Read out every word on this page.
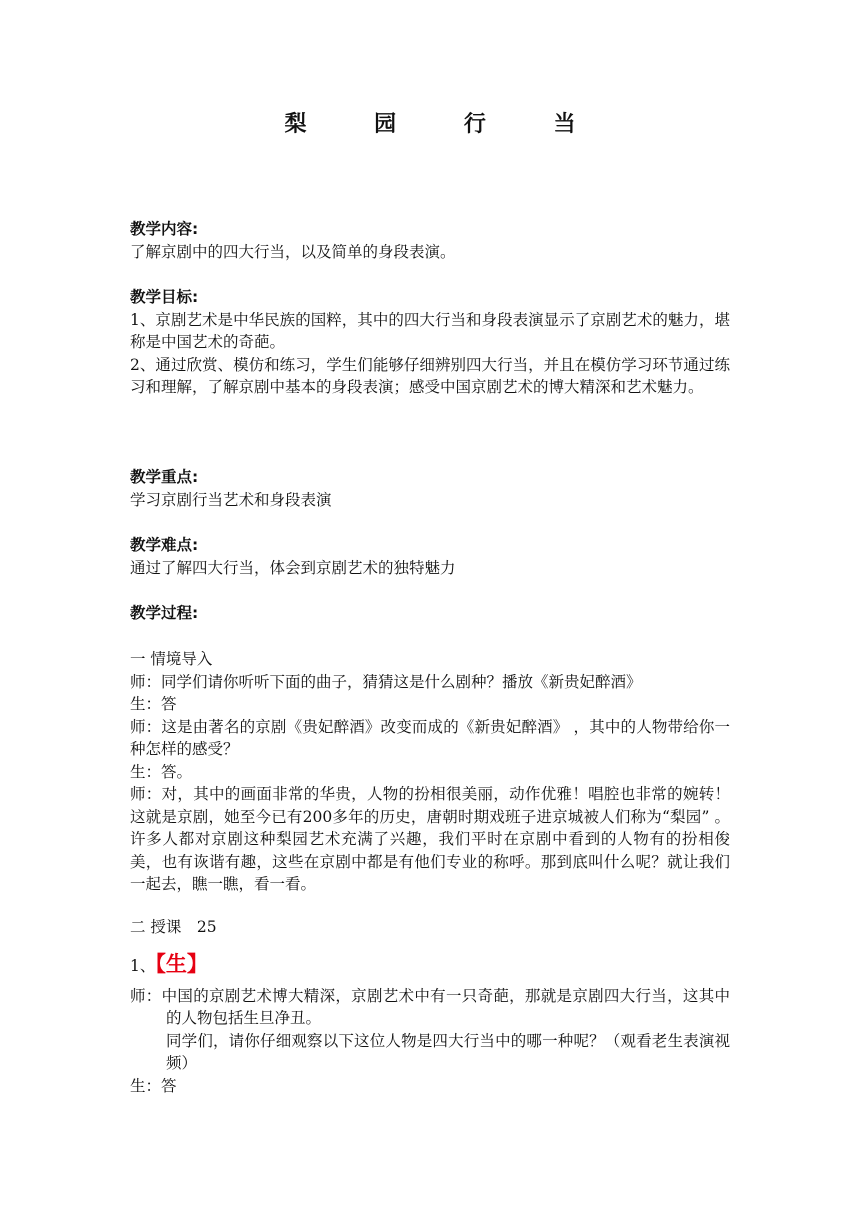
梨 园 行 当
教学内容:
了解京剧中的四大行当，以及简单的身段表演。
教学目标:
1、京剧艺术是中华民族的国粹，其中的四大行当和身段表演显示了京剧艺术的魅力，堪称是中国艺术的奇葩。
2、通过欣赏、模仿和练习，学生们能够仔细辨别四大行当，并且在模仿学习环节通过练习和理解，了解京剧中基本的身段表演；感受中国京剧艺术的博大精深和艺术魅力。
教学重点:
学习京剧行当艺术和身段表演
教学难点:
通过了解四大行当，体会到京剧艺术的独特魅力
教学过程:
一 情境导入
师：同学们请你听听下面的曲子，猜猜这是什么剧种？播放《新贵妃醉酒》
生：答
师：这是由著名的京剧《贵妃醉酒》改变而成的《新贵妃醉酒》 ，其中的人物带给你一种怎样的感受？
生：答。
师：对，其中的画面非常的华贵，人物的扮相很美丽，动作优雅！唱腔也非常的婉转！这就是京剧，她至今已有200多年的历史，唐朝时期戏班子进京城被人们称为“梨园” 。 许多人都对京剧这种梨园艺术充满了兴趣，我们平时在京剧中看到的人物有的扮相俊美，也有诙谐有趣，这些在京剧中都是有他们专业的称呼。那到底叫什么呢？就让我们一起去，瞧一瞧，看一看。
二 授课　25
1、【生】
师：中国的京剧艺术博大精深，京剧艺术中有一只奇葩，那就是京剧四大行当，这其中的人物包括生旦净丑。
同学们，请你仔细观察以下这位人物是四大行当中的哪一种呢？（观看老生表演视频）
生：答
